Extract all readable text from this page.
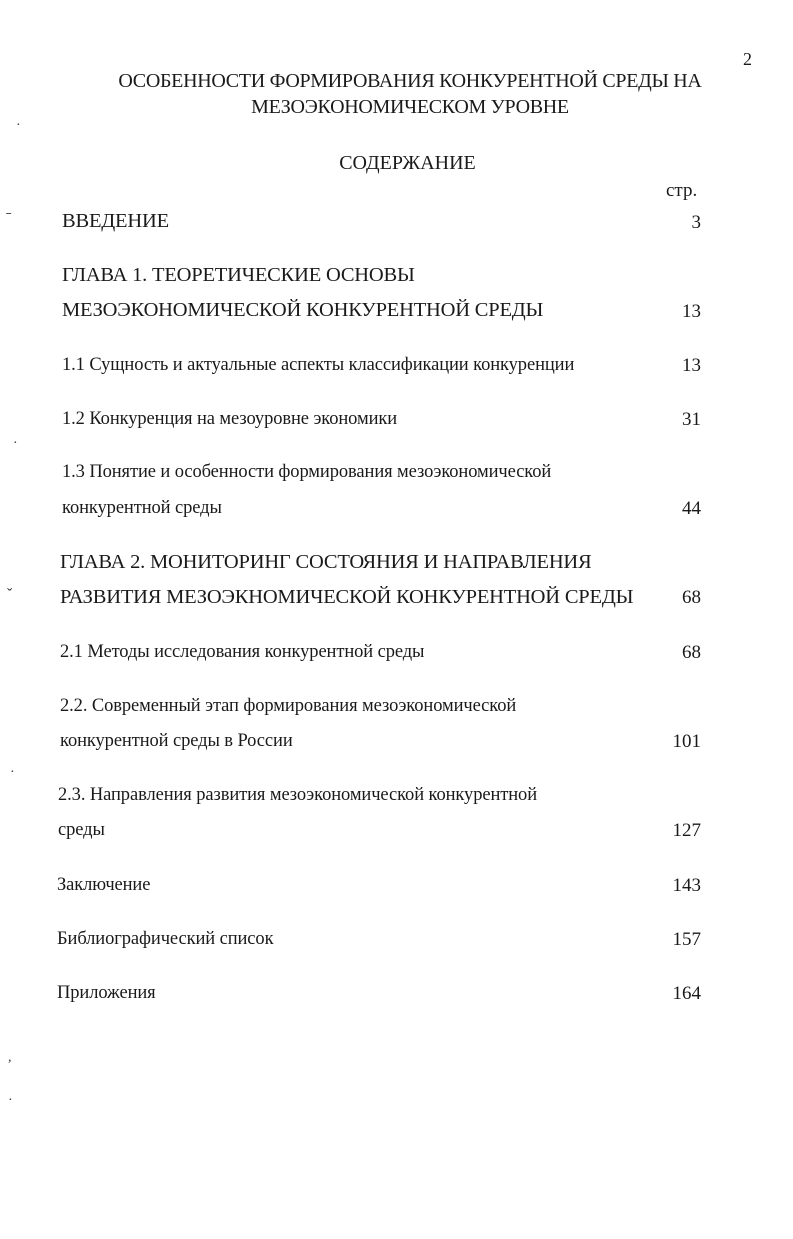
2
ОСОБЕННОСТИ ФОРМИРОВАНИЯ КОНКУРЕНТНОЙ СРЕДЫ НА
МЕЗОЭКОНОМИЧЕСКОМ УРОВНЕ
СОДЕРЖАНИЕ
стр.
ˉ
·
·
ˇ
·
,
·
ВВЕДЕНИЕ	3
ГЛАВА 1. ТЕОРЕТИЧЕСКИЕ ОСНОВЫ
МЕЗОЭКОНОМИЧЕСКОЙ КОНКУРЕНТНОЙ СРЕДЫ	13
1.1 Сущность и актуальные аспекты классификации конкуренции	13
1.2 Конкуренция на мезоуровне экономики	31
1.3 Понятие и особенности формирования мезоэкономической
конкурентной среды	44
ГЛАВА 2. МОНИТОРИНГ СОСТОЯНИЯ И НАПРАВЛЕНИЯ
РАЗВИТИЯ МЕЗОЭКНОМИЧЕСКОЙ КОНКУРЕНТНОЙ СРЕДЫ	68
2.1 Методы исследования конкурентной среды	68
2.2. Современный этап формирования мезоэкономической
конкурентной среды в России	101
2.3. Направления развития мезоэкономической конкурентной
среды	127
Заключение	143
Библиографический список	157
Приложения	164
